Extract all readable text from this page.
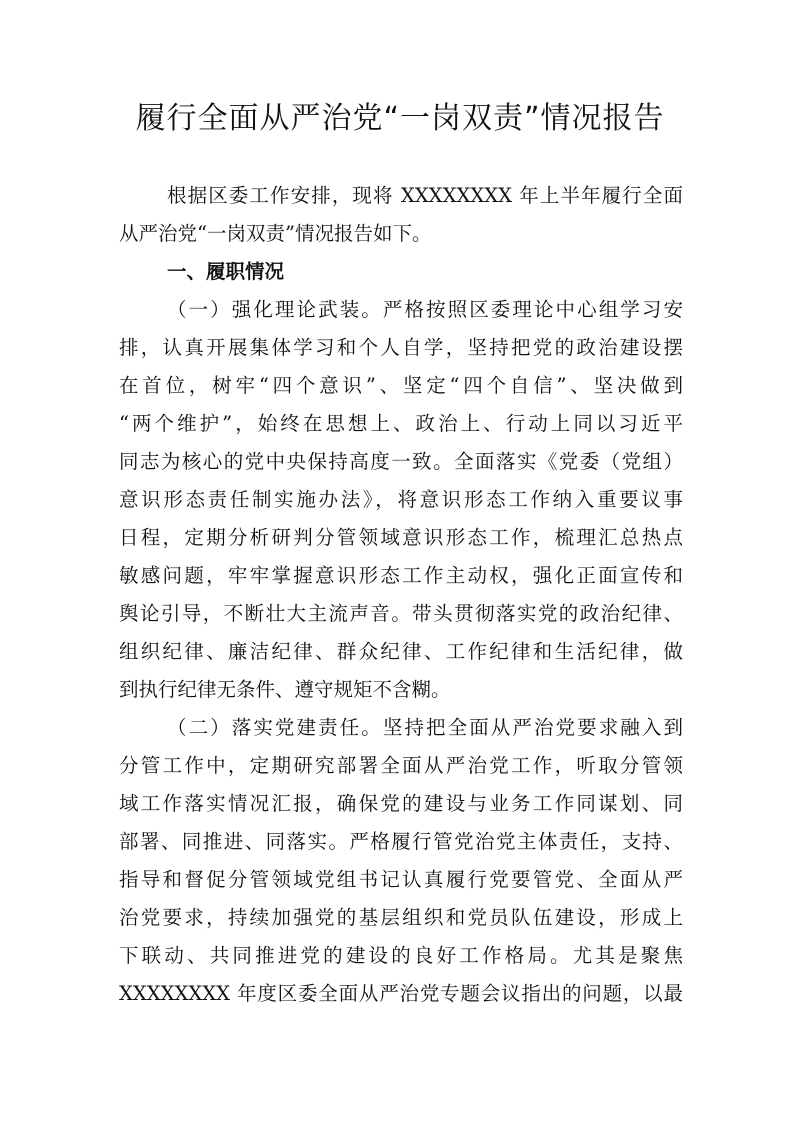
履行全面从严治党“一岗双责”情况报告

根据区委工作安排，现将 XXXXXXXX 年上半年履行全面

从严治党“一岗双责”情况报告如下。

一、履职情况

（一）强化理论武装。严格按照区委理论中心组学习安

排，认真开展集体学习和个人自学，坚持把党的政治建设摆

在首位，树牢“四个意识”、坚定“四个自信”、坚决做到

“两个维护”，始终在思想上、政治上、行动上同以习近平

同志为核心的党中央保持高度一致。全面落实《党委（党组）

意识形态责任制实施办法》，将意识形态工作纳入重要议事

日程，定期分析研判分管领域意识形态工作，梳理汇总热点

敏感问题，牢牢掌握意识形态工作主动权，强化正面宣传和

舆论引导，不断壮大主流声音。带头贯彻落实党的政治纪律、

组织纪律、廉洁纪律、群众纪律、工作纪律和生活纪律，做

到执行纪律无条件、遵守规矩不含糊。

（二）落实党建责任。坚持把全面从严治党要求融入到

分管工作中，定期研究部署全面从严治党工作，听取分管领

域工作落实情况汇报，确保党的建设与业务工作同谋划、同

部署、同推进、同落实。严格履行管党治党主体责任，支持、

指导和督促分管领域党组书记认真履行党要管党、全面从严

治党要求，持续加强党的基层组织和党员队伍建设，形成上

下联动、共同推进党的建设的良好工作格局。尤其是聚焦

XXXXXXXX 年度区委全面从严治党专题会议指出的问题，以最
